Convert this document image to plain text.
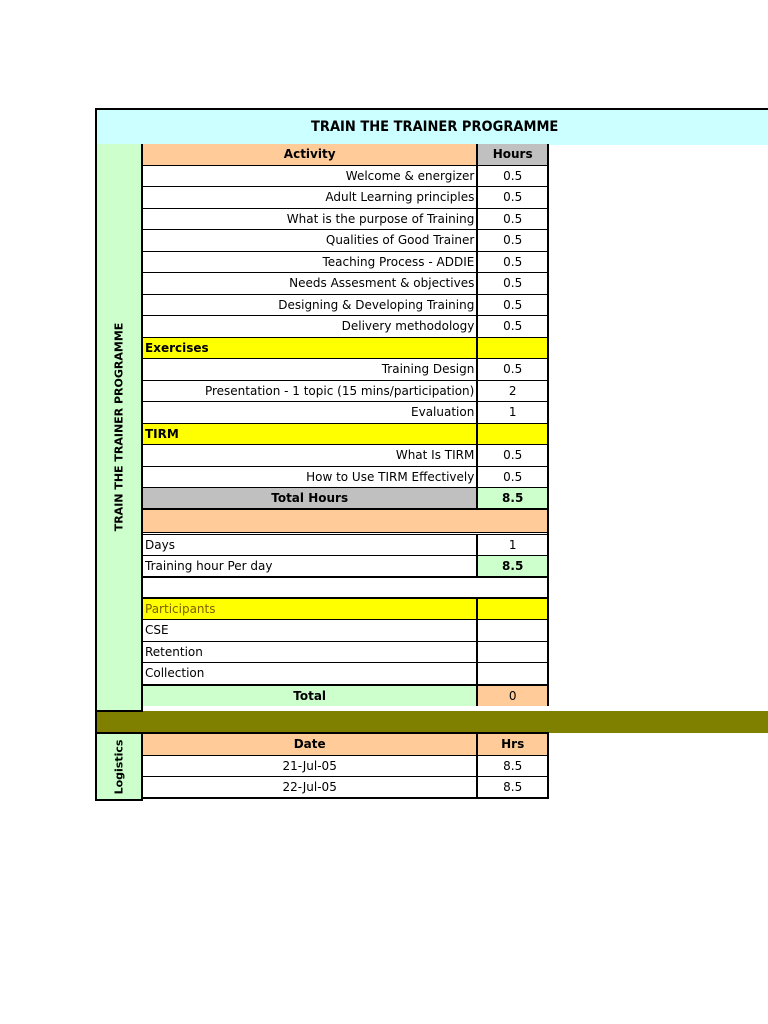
TRAIN THE TRAINER PROGRAMME
TRAIN THE TRAINER PROGRAMME
Activity	Hours
Welcome & energizer	0.5
Adult Learning principles	0.5
What is the purpose of Training	0.5
Qualities of Good Trainer	0.5
Teaching Process - ADDIE	0.5
Needs Assesment & objectives	0.5
Designing & Developing Training	0.5
Delivery methodology	0.5
Exercises
Training Design	0.5
Presentation - 1 topic (15 mins/participation)	2
Evaluation	1
TIRM
What Is TIRM	0.5
How to Use TIRM Effectively	0.5
Total Hours	8.5
Days	1
Training hour Per day	8.5
Participants
CSE
Retention
Collection
Total	0
Logistics	Date	Hrs
21-Jul-05	8.5
22-Jul-05	8.5
